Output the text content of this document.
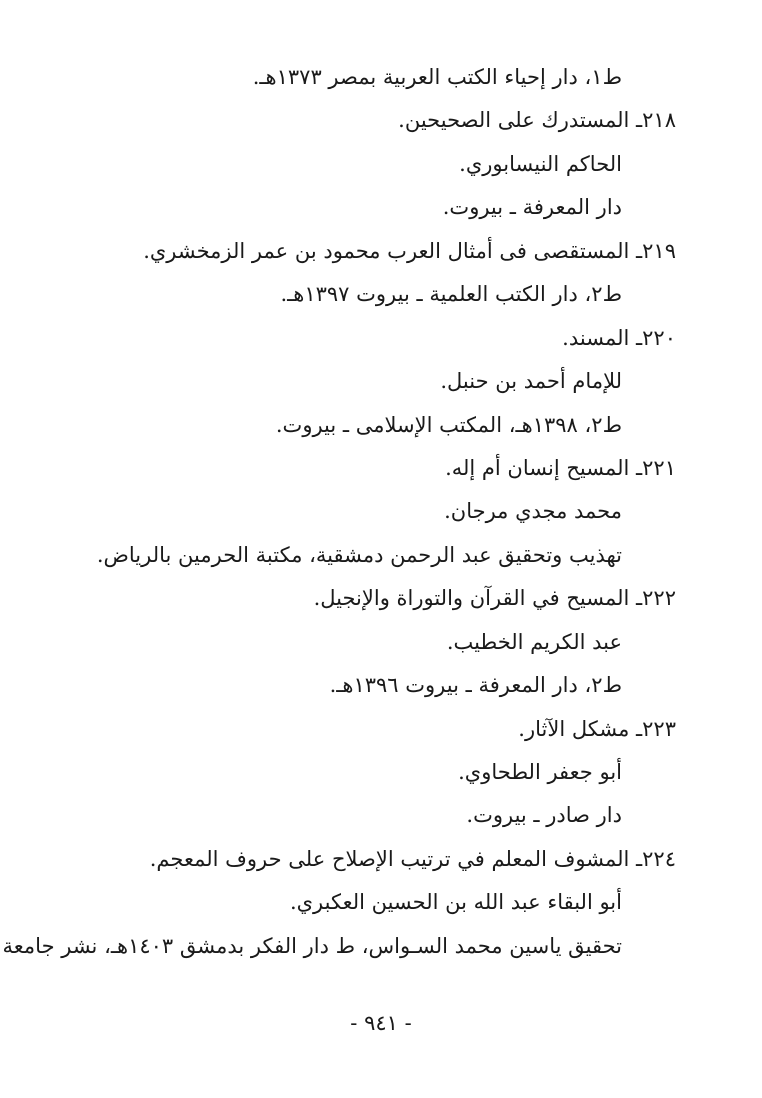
ط١، دار إحياء الكتب العربية بمصر ١٣٧٣هـ.
٢١٨ـ المستدرك على الصحيحين.
الحاكم النيسابوري.
دار المعرفة ـ بيروت.
٢١٩ـ المستقصى فى أمثال العرب محمود بن عمر الزمخشري.
ط٢، دار الكتب العلمية ـ بيروت ١٣٩٧هـ.
٢٢٠ـ المسند.
للإمام أحمد بن حنبل.
ط٢، ١٣٩٨هـ، المكتب الإسلامى ـ بيروت.
٢٢١ـ المسيح إنسان أم إله.
محمد مجدي مرجان.
تهذيب وتحقيق عبد الرحمن دمشقية، مكتبة الحرمين بالرياض.
٢٢٢ـ المسيح في القرآن والتوراة والإنجيل.
عبد الكريم الخطيب.
ط٢، دار المعرفة ـ بيروت ١٣٩٦هـ.
٢٢٣ـ مشكل الآثار.
أبو جعفر الطحاوي.
دار صادر ـ بيروت.
٢٢٤ـ المشوف المعلم في ترتيب الإصلاح على حروف المعجم.
أبو البقاء عبد الله بن الحسين العكبري.
تحقيق ياسين محمد السـواس، ط دار الفكر بدمشق ١٤٠٣هـ، نشر جامعة
- ٩٤١ -
